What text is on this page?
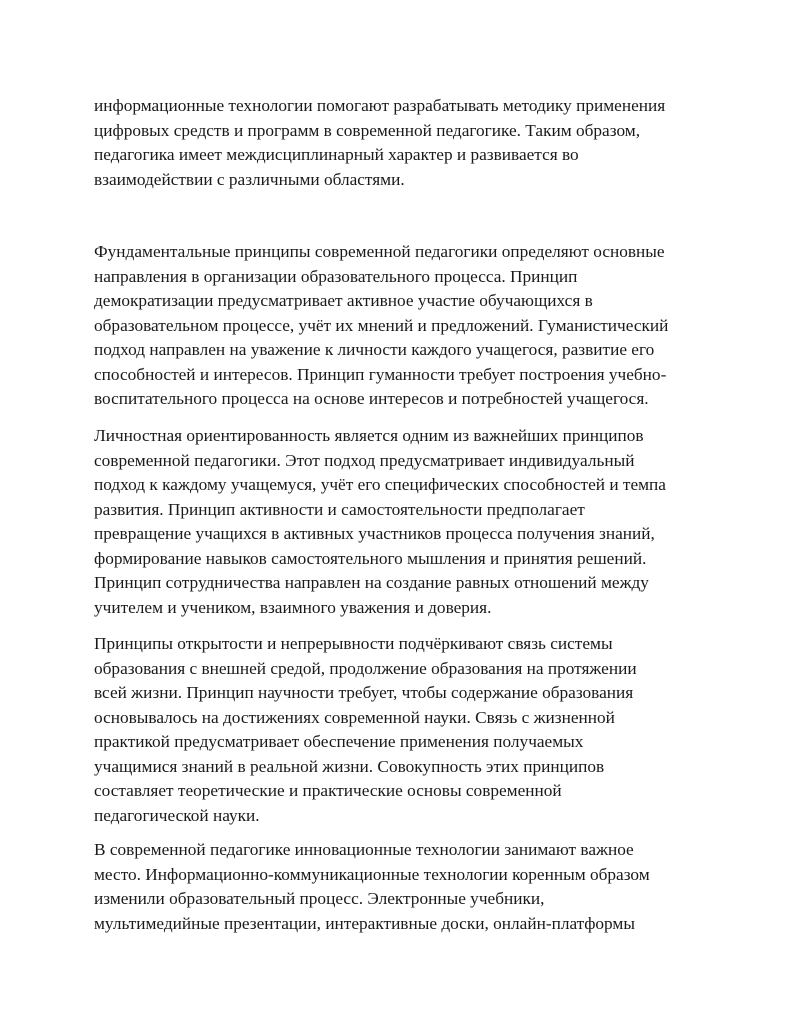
информационные технологии помогают разрабатывать методику применения
цифровых средств и программ в современной педагогике. Таким образом,
педагогика имеет междисциплинарный характер и развивается во
взаимодействии с различными областями.
Фундаментальные принципы современной педагогики определяют основные
направления в организации образовательного процесса. Принцип
демократизации предусматривает активное участие обучающихся в
образовательном процессе, учёт их мнений и предложений. Гуманистический
подход направлен на уважение к личности каждого учащегося, развитие его
способностей и интересов. Принцип гуманности требует построения учебно-
воспитательного процесса на основе интересов и потребностей учащегося.
Личностная ориентированность является одним из важнейших принципов
современной педагогики. Этот подход предусматривает индивидуальный
подход к каждому учащемуся, учёт его специфических способностей и темпа
развития. Принцип активности и самостоятельности предполагает
превращение учащихся в активных участников процесса получения знаний,
формирование навыков самостоятельного мышления и принятия решений.
Принцип сотрудничества направлен на создание равных отношений между
учителем и учеником, взаимного уважения и доверия.
Принципы открытости и непрерывности подчёркивают связь системы
образования с внешней средой, продолжение образования на протяжении
всей жизни. Принцип научности требует, чтобы содержание образования
основывалось на достижениях современной науки. Связь с жизненной
практикой предусматривает обеспечение применения получаемых
учащимися знаний в реальной жизни. Совокупность этих принципов
составляет теоретические и практические основы современной
педагогической науки.
В современной педагогике инновационные технологии занимают важное
место. Информационно-коммуникационные технологии коренным образом
изменили образовательный процесс. Электронные учебники,
мультимедийные презентации, интерактивные доски, онлайн-платформы
